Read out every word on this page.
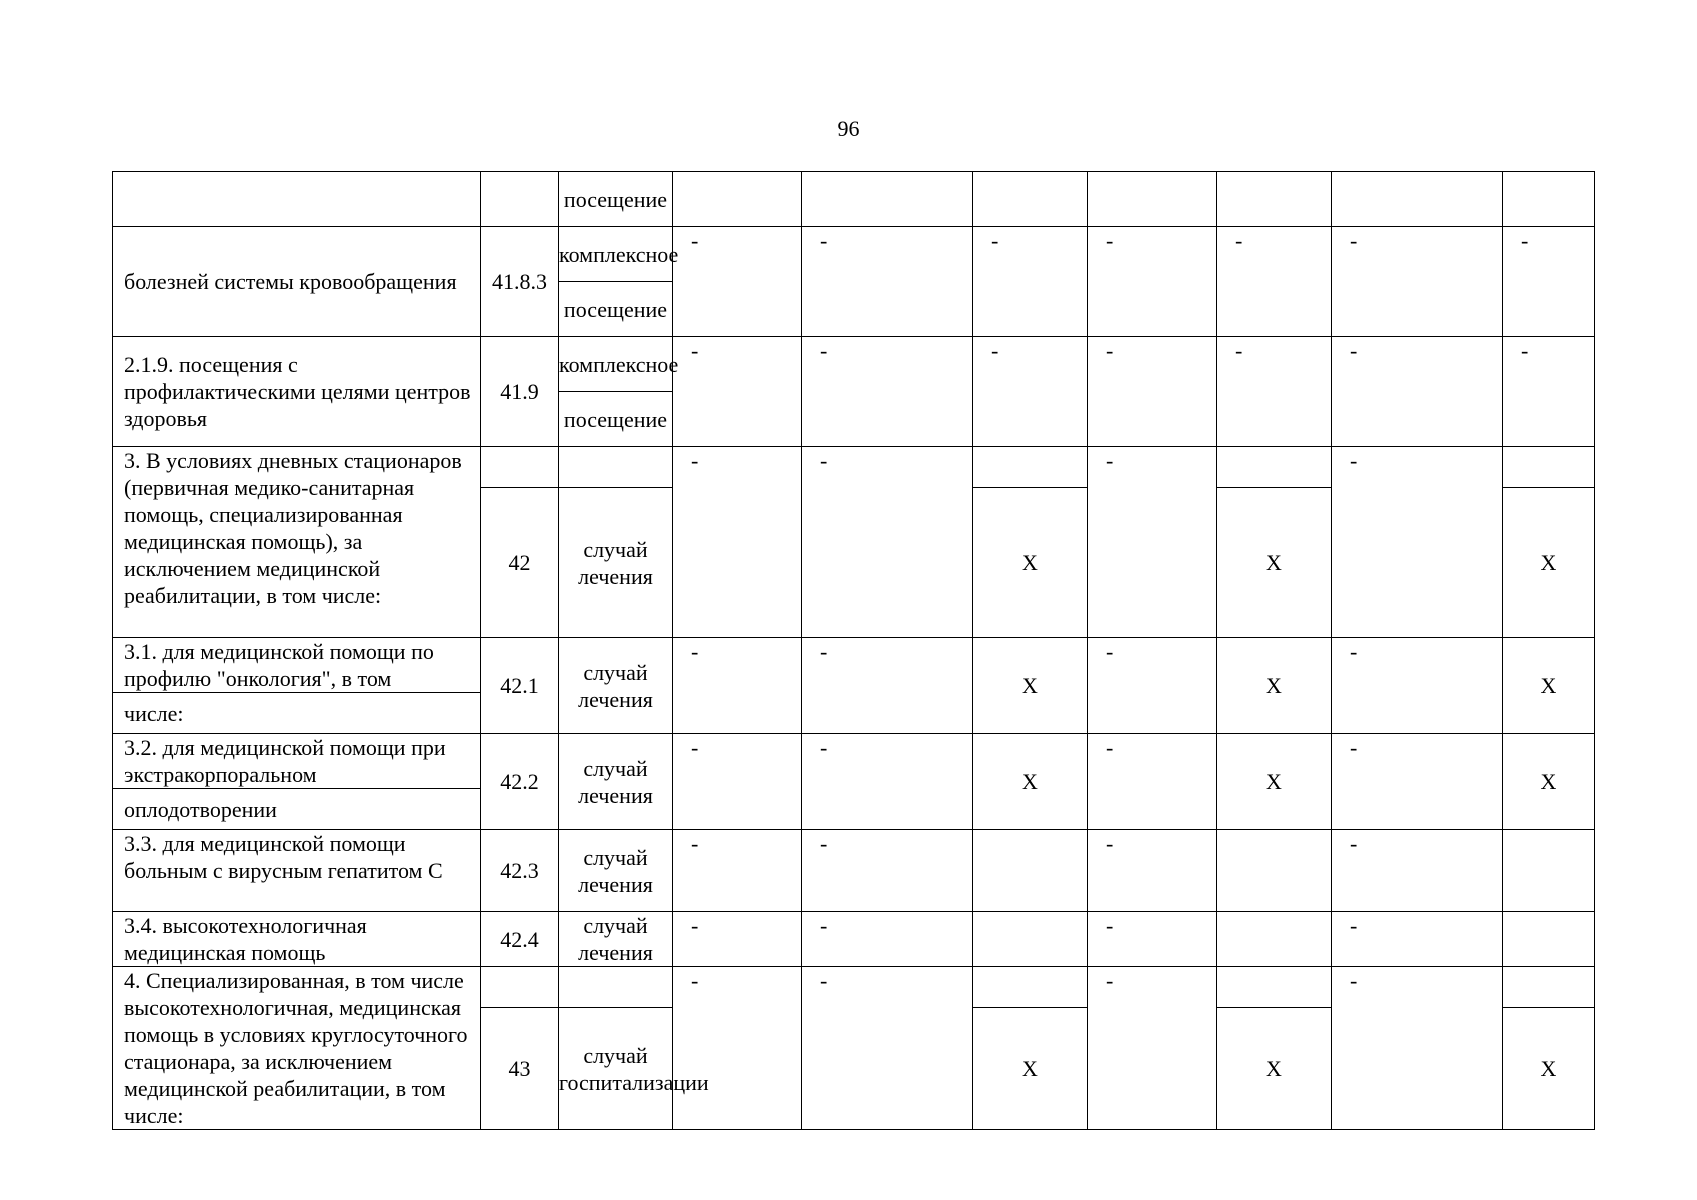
96
		посещение							
болезней системы кровообращения	41.8.3	комплексное	-	-	-	-	-	-	-
		посещение							
2.1.9. посещения с профилактическими целями центров здоровья	41.9	комплексное	-	-	-	-	-	-	-
		посещение							
3. В условиях дневных стационаров (первичная медико-санитарная помощь, специализированная медицинская помощь), за исключением медицинской реабилитации, в том числе:			-	-		-		-	
	42	случай лечения			X		X		X
3.1. для медицинской помощи по профилю "онкология", в том	42.1	случай лечения	-	-	X	-	X	-	X
числе:									
3.2. для медицинской помощи при экстракорпоральном	42.2	случай лечения	-	-	X	-	X	-	X
оплодотворении									
3.3. для медицинской помощи больным с вирусным гепатитом С	42.3	случай лечения	-	-		-		-	
3.4. высокотехнологичная медицинская помощь	42.4	случай лечения	-	-		-		-	
4. Специализированная, в том числе высокотехнологичная, медицинская помощь в условиях круглосуточного стационара, за исключением медицинской реабилитации, в том числе:			-	-		-		-	
	43	случай госпитализации			X		X		X
